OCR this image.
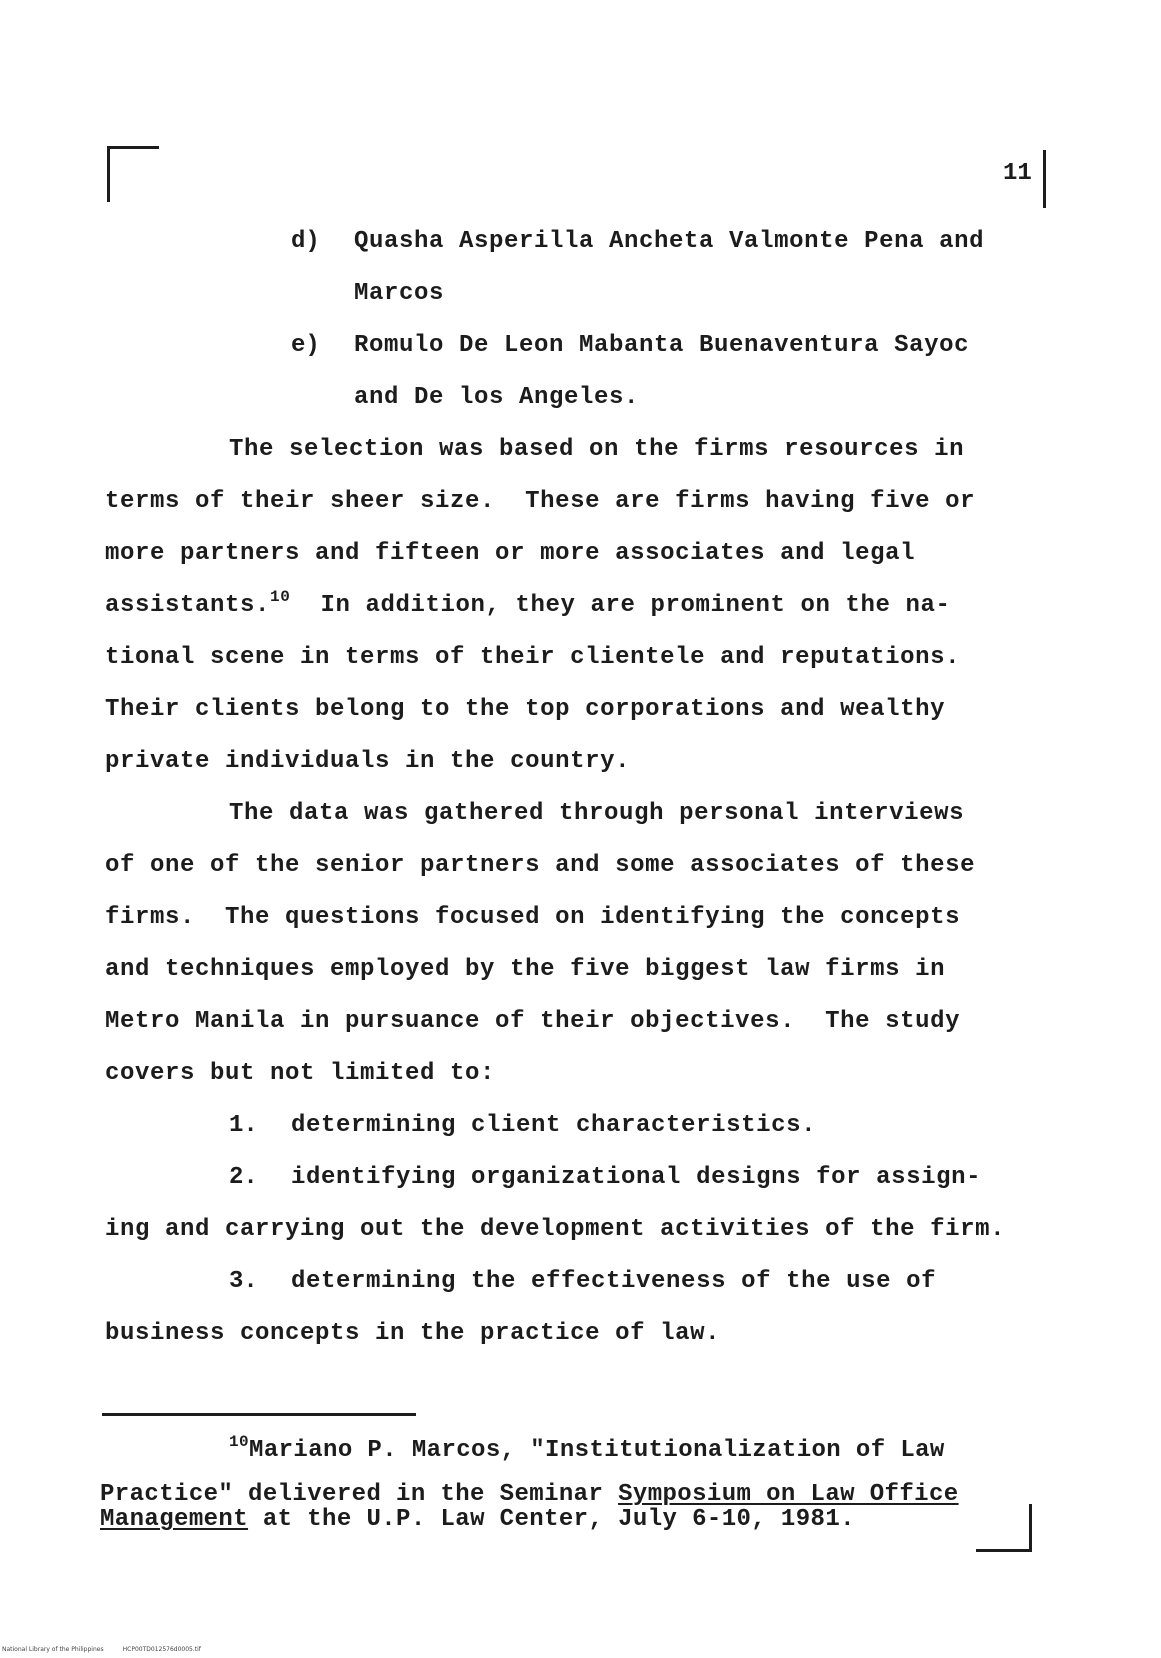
11
d) Quasha Asperilla Ancheta Valmonte Pena and
Marcos
e) Romulo De Leon Mabanta Buenaventura Sayoc
and De los Angeles.
The selection was based on the firms resources in
terms of their sheer size.  These are firms having five or
more partners and fifteen or more associates and legal
assistants.$^{10}$  In addition, they are prominent on the na-
tional scene in terms of their clientele and reputations.
Their clients belong to the top corporations and wealthy
private individuals in the country.
The data was gathered through personal interviews
of one of the senior partners and some associates of these
firms.  The questions focused on identifying the concepts
and techniques employed by the five biggest law firms in
Metro Manila in pursuance of their objectives.  The study
covers but not limited to:
1. determining client characteristics.
2. identifying organizational designs for assign-
ing and carrying out the development activities of the firm.
3. determining the effectiveness of the use of
business concepts in the practice of law.
$^{10}$Mariano P. Marcos, "Institutionalization of Law
Practice" delivered in the Seminar Symposium on Law Office
Management at the U.P. Law Center, July 6-10, 1981.
National Library of the Philippines	HCP00TD012576d0005.tif
